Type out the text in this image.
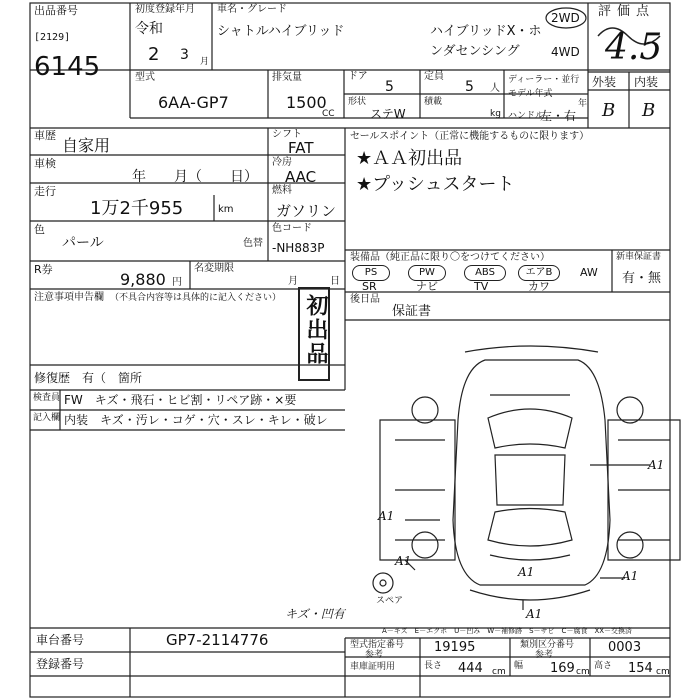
出品番号
[2129]
6145
初度登録年月
令和
2 3 月
車名・グレード
シャトルハイブリッド	ハイブリッドX・ホ
ンダセンシング
2WD
4WD
評価点
4.5
外装 内装
B B
型式
6AA-GP7
排気量
1500
CC
ドア
5
定員
5 人
ディーラー・並行
形状
ステW
積載
kg
モデル年式
年
ハンドル
左・右
車歴
自家用
車検
年　　月（　　日）
走行
1万2千955	km
色
パール	色替
R券
9,880 円
名変期限
月	日
シフト
FAT
冷房
AAC
燃料
ガソリン
色コード
-NH883P
セールスポイント（正常に機能するものに限ります）
★ＡＡ初出品
★プッシュスタート
装備品（純正品に限り〇をつけてください）
PS	PW	ABS	エアB	AW
SR	ナビ	TV	カワ
新車保証書
有・無
後日品
保証書
注意事項申告欄 （不具合内容等は具体的に記入ください） 初出品
修復歴 有（　箇所
検査員
記入欄
FW　キズ・飛石・ヒビ割・リペア跡・×要
内装　キズ・汚レ・コゲ・穴・スレ・キレ・破レ
A1
A1
A1
A1
A1
A1
スペア
キズ・凹有
車台番号	GP7-2114776
登録番号
A－キズ　E－エクボ　U－凹み　W－補修跡　S－サビ　C－腐食　XX－交換済
型式指定番号
参考	19195	類別区分番号
参考	0003
車庫証明用	長さ 444 cm
幅 169 cm
高さ 154 cm
